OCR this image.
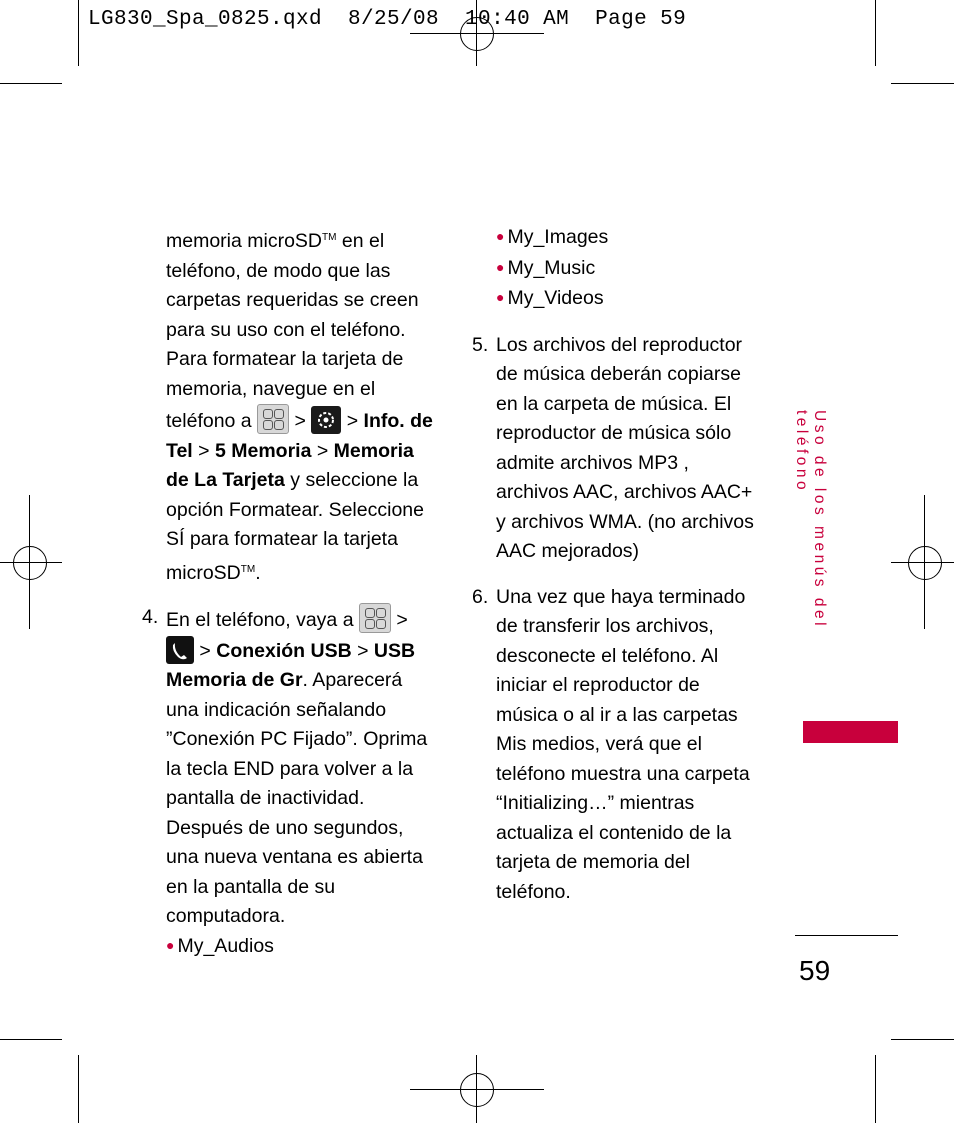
LG830_Spa_0825.qxd  8/25/08  10:40 AM  Page 59

memoria microSD™ en el teléfono, de modo que las carpetas requeridas se creen para su uso con el teléfono. Para formatear la tarjeta de memoria, navegue en el teléfono a
>  > Info. de Tel > 5 Memoria > Memoria de La Tarjeta y seleccione la opción Formatear. Seleccione SÍ para formatear la tarjeta microSD™.

4. En el teléfono, vaya a
>
> Conexión USB > USB Memoria de Gr. Aparecerá una indicación señalando ”Conexión PC Fijado”. Oprima la tecla END para volver a la pantalla de inactividad. Después de uno segundos, una nueva ventana es abierta en la pantalla de su computadora.

● My_Audios

● My_Images

● My_Music

● My_Videos

5. Los archivos del reproductor de música deberán copiarse en la carpeta de música. El reproductor de música sólo admite archivos MP3 , archivos AAC, archivos AAC+ y archivos WMA. (no archivos AAC mejorados)

6. Una vez que haya terminado de transferir los archivos, desconecte el teléfono. Al iniciar el reproductor de música o al ir a las carpetas Mis medios, verá que el teléfono muestra una carpeta “Initializing…” mientras actualiza el contenido de la tarjeta de memoria del teléfono.

Uso de los menús del teléfono
59
